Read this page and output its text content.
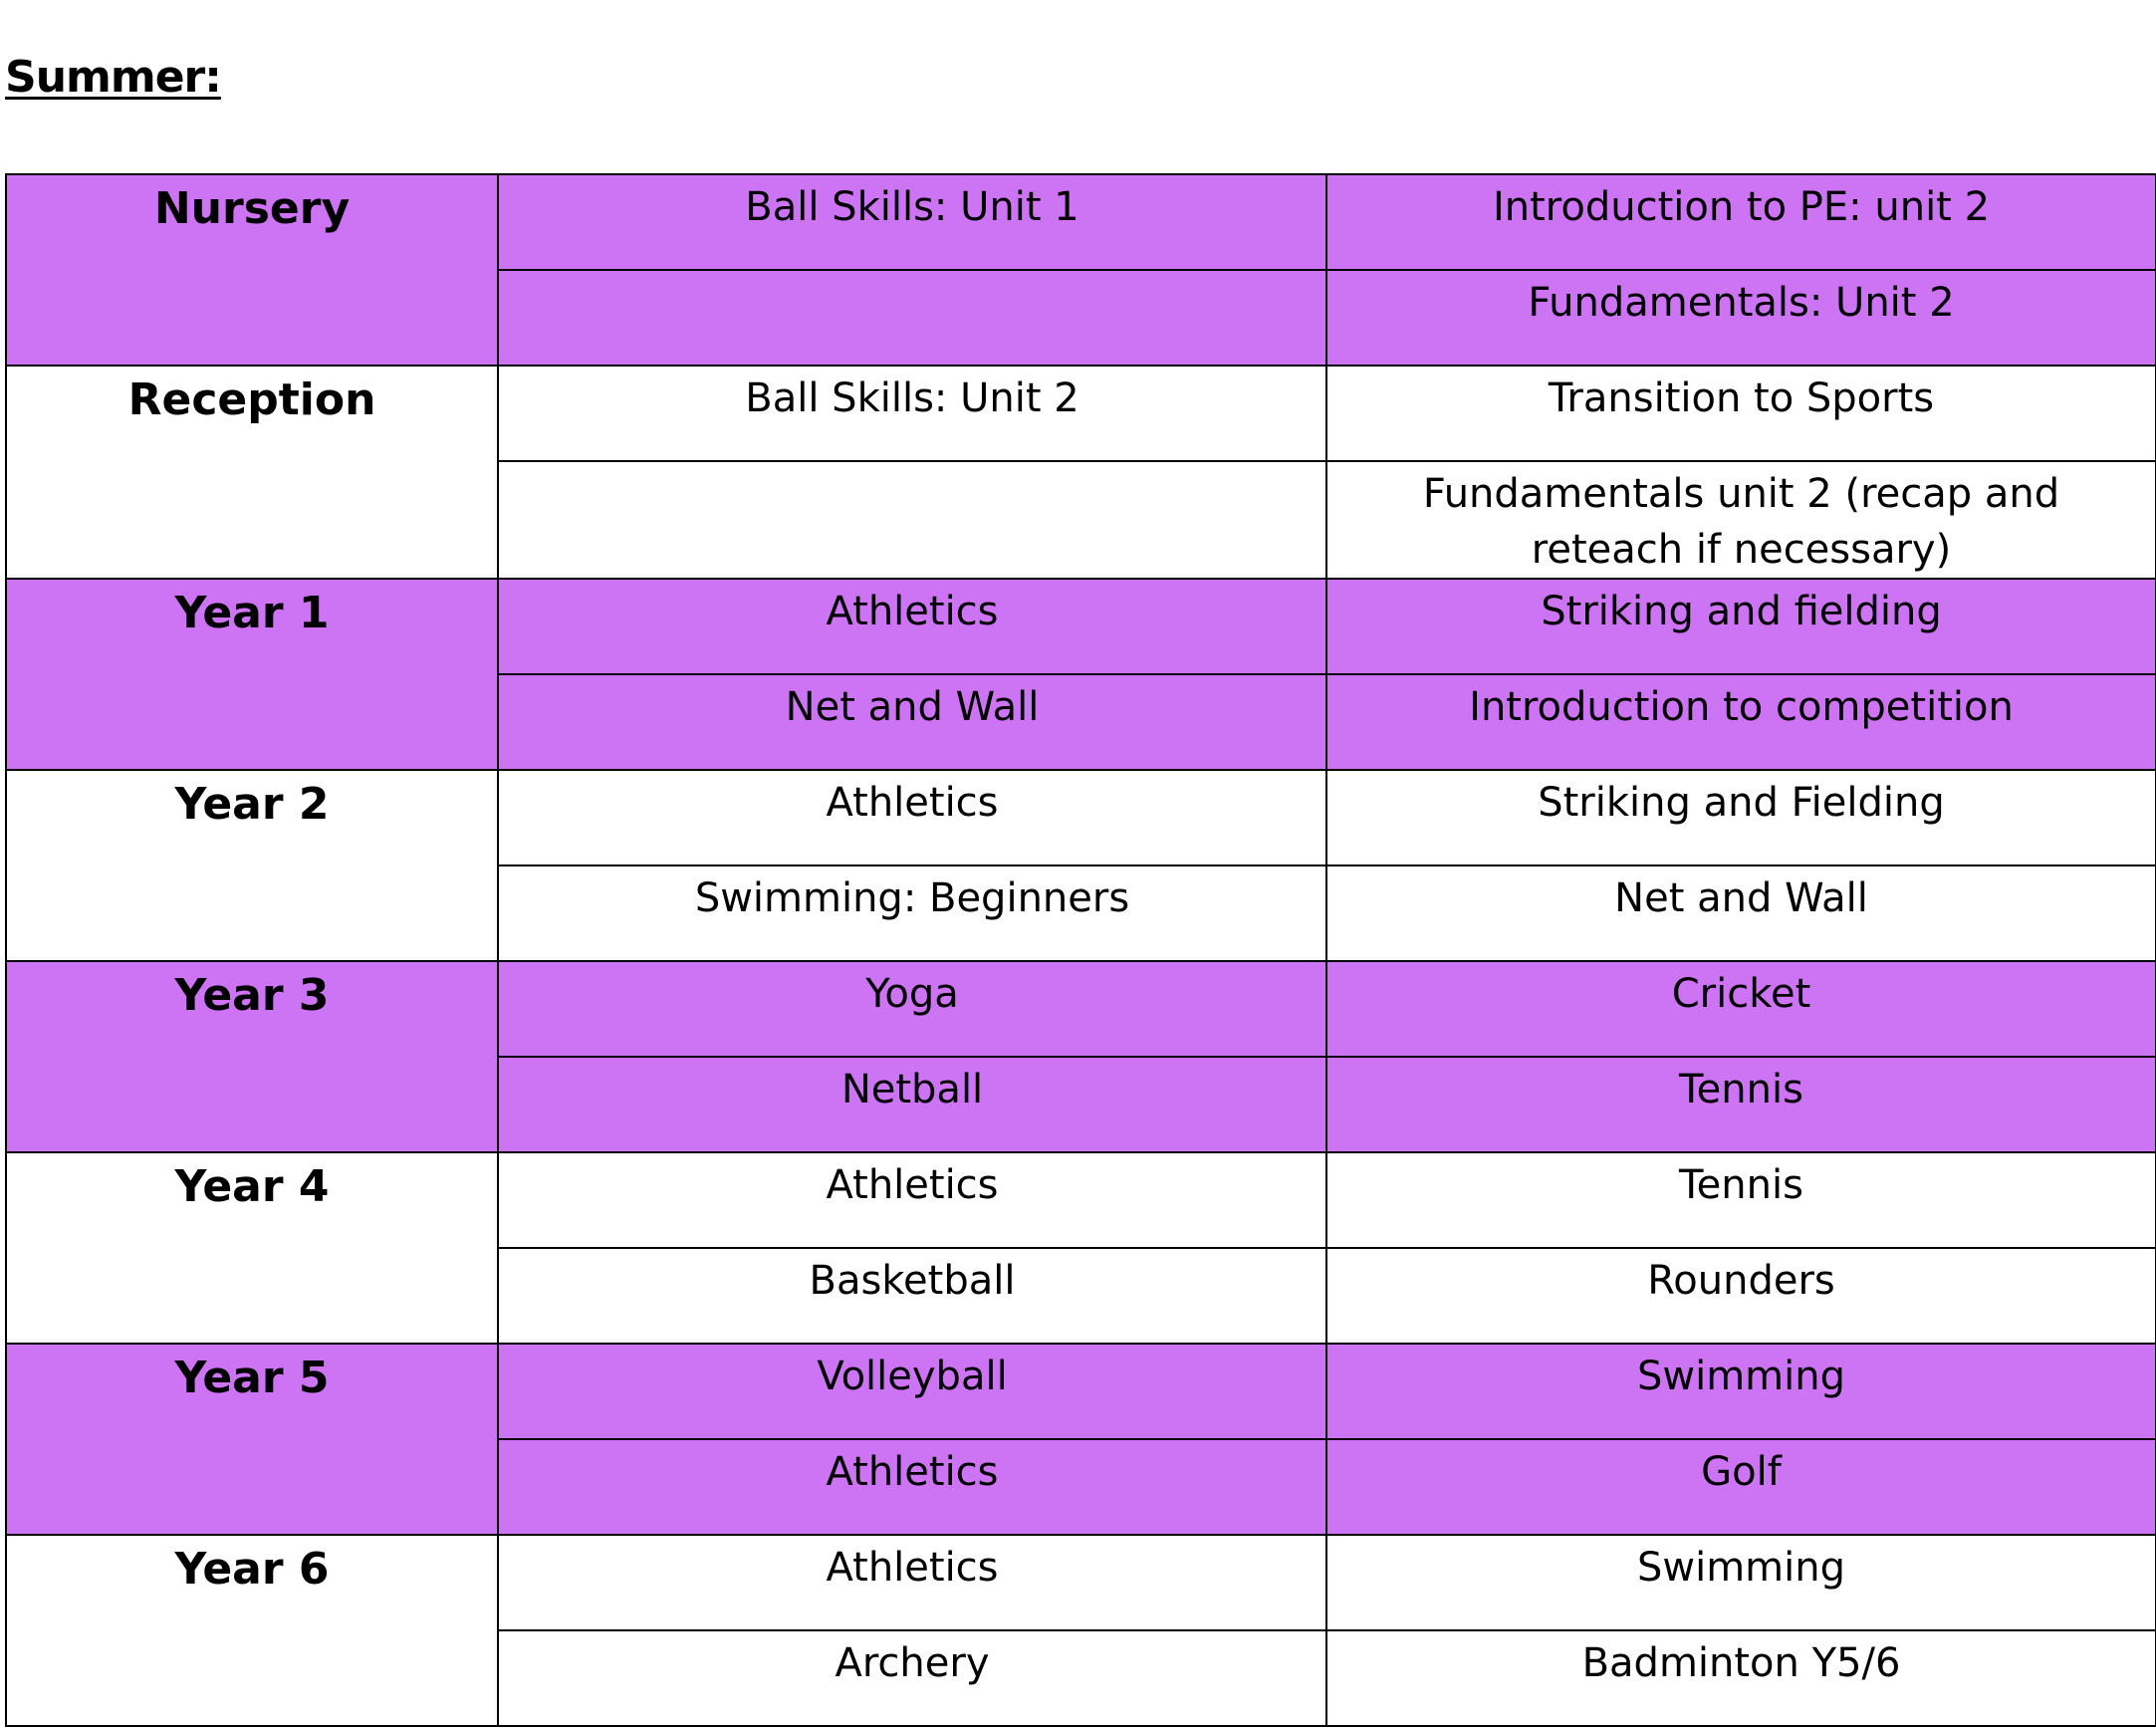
Summer:
Nursery	Ball Skills: Unit 1	Introduction to PE: unit 2
		Fundamentals: Unit 2
Reception	Ball Skills: Unit 2	Transition to Sports
		Fundamentals unit 2 (recap and reteach if necessary)
Year 1	Athletics	Striking and fielding
	Net and Wall	Introduction to competition
Year 2	Athletics	Striking and Fielding
	Swimming: Beginners	Net and Wall
Year 3	Yoga	Cricket
	Netball	Tennis
Year 4	Athletics	Tennis
	Basketball	Rounders
Year 5	Volleyball	Swimming
	Athletics	Golf
Year 6	Athletics	Swimming
	Archery	Badminton Y5/6
